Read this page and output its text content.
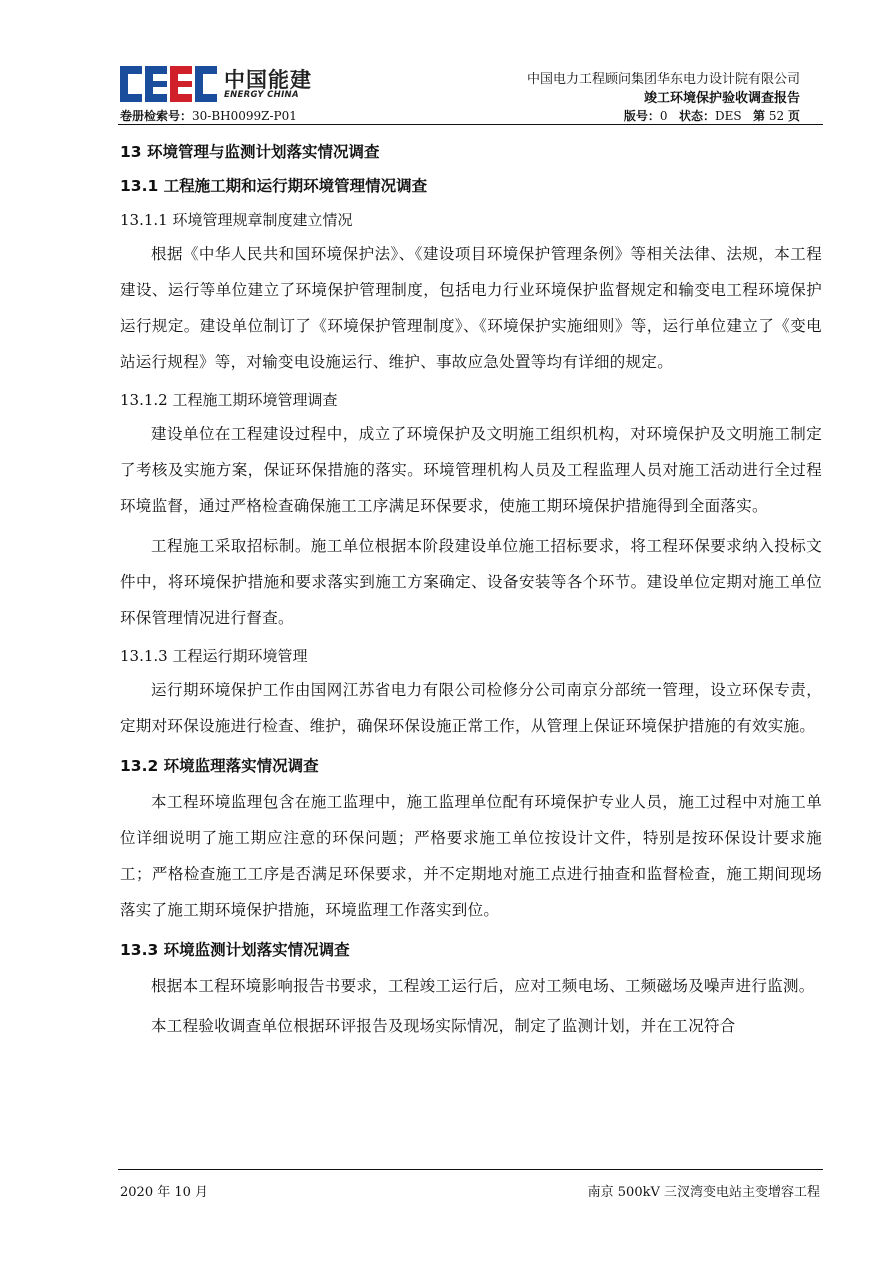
中国能建
ENERGY CHINA
中国电力工程顾问集团华东电力设计院有限公司
竣工环境保护验收调查报告
卷册检索号：30-BH0099Z-P01	版号：0 状态：DES 第 52 页
13 环境管理与监测计划落实情况调查
13.1 工程施工期和运行期环境管理情况调查
13.1.1 环境管理规章制度建立情况

根据《中华人民共和国环境保护法》、《建设项目环境保护管理条例》等相关法律、法规，本工程建设、运行等单位建立了环境保护管理制度，包括电力行业环境保护监督规定和输变电工程环境保护运行规定。建设单位制订了《环境保护管理制度》、《环境保护实施细则》等，运行单位建立了《变电站运行规程》等，对输变电设施运行、维护、事故应急处置等均有详细的规定。

13.1.2 工程施工期环境管理调查

建设单位在工程建设过程中，成立了环境保护及文明施工组织机构，对环境保护及文明施工制定了考核及实施方案，保证环保措施的落实。环境管理机构人员及工程监理人员对施工活动进行全过程环境监督，通过严格检查确保施工工序满足环保要求，使施工期环境保护措施得到全面落实。

工程施工采取招标制。施工单位根据本阶段建设单位施工招标要求，将工程环保要求纳入投标文件中，将环境保护措施和要求落实到施工方案确定、设备安装等各个环节。建设单位定期对施工单位环保管理情况进行督查。

13.1.3 工程运行期环境管理

运行期环境保护工作由国网江苏省电力有限公司检修分公司南京分部统一管理，设立环保专责，定期对环保设施进行检查、维护，确保环保设施正常工作，从管理上保证环境保护措施的有效实施。

13.2 环境监理落实情况调查

本工程环境监理包含在施工监理中，施工监理单位配有环境保护专业人员，施工过程中对施工单位详细说明了施工期应注意的环保问题；严格要求施工单位按设计文件，特别是按环保设计要求施工；严格检查施工工序是否满足环保要求，并不定期地对施工点进行抽查和监督检查，施工期间现场落实了施工期环境保护措施，环境监理工作落实到位。

13.3 环境监测计划落实情况调查

根据本工程环境影响报告书要求，工程竣工运行后，应对工频电场、工频磁场及噪声进行监测。

本工程验收调查单位根据环评报告及现场实际情况，制定了监测计划，并在工况符合

2020 年 10 月	南京 500kV 三汊湾变电站主变增容工程
